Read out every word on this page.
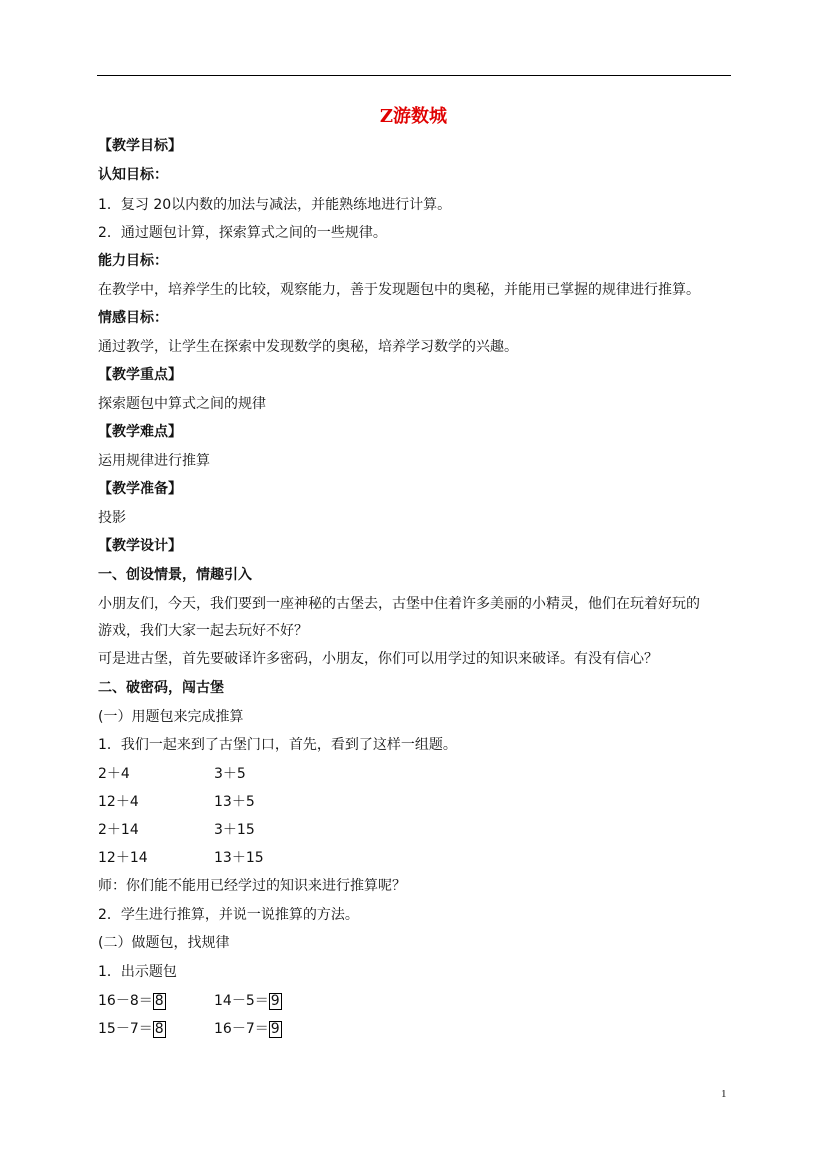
Z游数城
【教学目标】
认知目标：
1．复习 20以内数的加法与减法，并能熟练地进行计算。
2．通过题包计算，探索算式之间的一些规律。
能力目标：
在教学中，培养学生的比较，观察能力，善于发现题包中的奥秘，并能用已掌握的规律进行推算。
情感目标：
通过教学，让学生在探索中发现数学的奥秘，培养学习数学的兴趣。
【教学重点】
探索题包中算式之间的规律
【教学难点】
运用规律进行推算
【教学准备】
投影
【教学设计】
一、创设情景，情趣引入
小朋友们，今天，我们要到一座神秘的古堡去，古堡中住着许多美丽的小精灵，他们在玩着好玩的
游戏，我们大家一起去玩好不好？
可是进古堡，首先要破译许多密码，小朋友，你们可以用学过的知识来破译。有没有信心？
二、破密码，闯古堡
(一）用题包来完成推算
1．我们一起来到了古堡门口，首先，看到了这样一组题。
2＋4	3＋5
12＋4	13＋5
2＋14	3＋15
12＋14	13＋15
师：你们能不能用已经学过的知识来进行推算呢？
2．学生进行推算，并说一说推算的方法。
(二）做题包，找规律
1．出示题包
16－8＝ 8	14－5＝ 9
15－7＝ 8	16－7＝ 9
1
